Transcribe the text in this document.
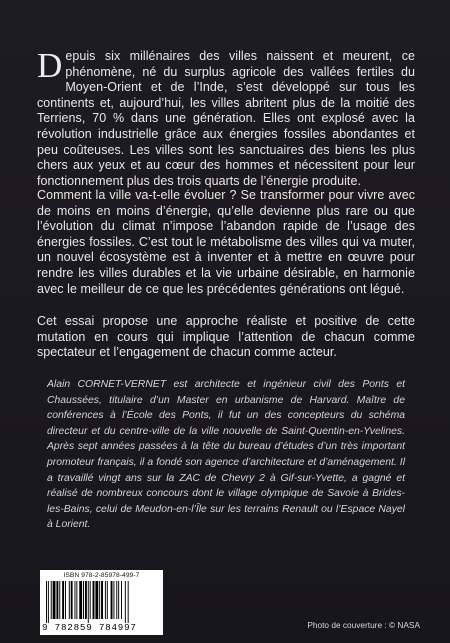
Depuis six millénaires des villes naissent et meurent, ce phénomène, né du surplus agricole des vallées fertiles du Moyen-Orient et de l’Inde, s’est développé sur tous les continents et, aujourd’hui, les villes abritent plus de la moitié des Terriens, 70 % dans une génération. Elles ont explosé avec la révolution industrielle grâce aux énergies fossiles abondantes et peu coûteuses. Les villes sont les sanctuaires des biens les plus chers aux yeux et au cœur des hommes et nécessitent pour leur fonctionnement plus des trois quarts de l’énergie produite.
Comment la ville va-t-elle évoluer ? Se transformer pour vivre avec de moins en moins d’énergie, qu’elle devienne plus rare ou que l’évolution du climat n’impose l’abandon rapide de l’usage des énergies fossiles. C’est tout le métabolisme des villes qui va muter, un nouvel écosystème est à inventer et à mettre en œuvre pour rendre les villes durables et la vie urbaine désirable, en harmonie avec le meilleur de ce que les précédentes générations ont légué.
Cet essai propose une approche réaliste et positive de cette mutation en cours qui implique l’attention de chacun comme spectateur et l’engagement de chacun comme acteur.
Alain CORNET-VERNET est architecte et ingénieur civil des Ponts et Chaussées, titulaire d’un Master en urbanisme de Harvard. Maître de conférences à l’École des Ponts, il fut un des concepteurs du schéma directeur et du centre-ville de la ville nouvelle de Saint-Quentin-en-Yvelines. Après sept années passées à la tête du bureau d’études d’un très important promoteur français, il a fondé son agence d’architecture et d’aménagement. Il a travaillé vingt ans sur la ZAC de Chevry 2 à Gif-sur-Yvette, a gagné et réalisé de nombreux concours dont le village olympique de Savoie à Brides-les-Bains, celui de Meudon-en-l’Île sur les terrains Renault ou l’Espace Nayel à Lorient.
ISBN 978-2-85978-499-7
9 782859 784997	Photo de couverture : © NASA
